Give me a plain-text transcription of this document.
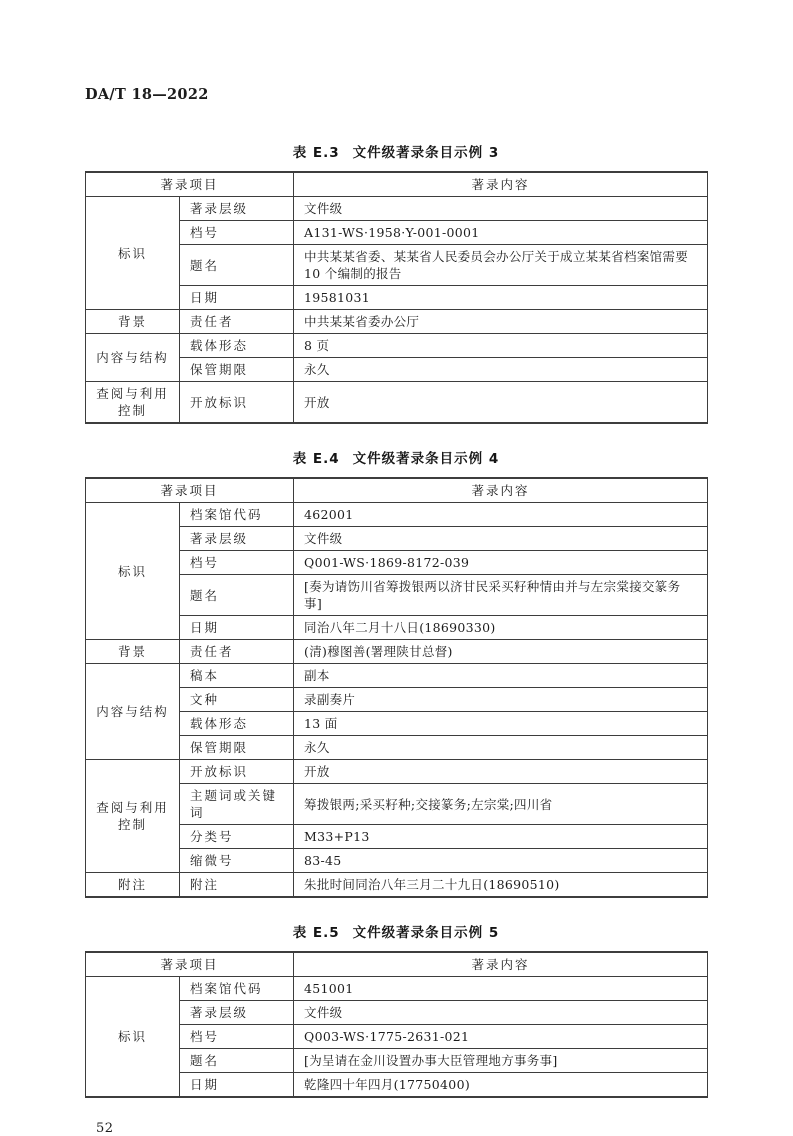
DA/T 18—2022

表 E.3 文件级著录条目示例 3

著录项目		著录内容
标识	著录层级	文件级
	档号	A131-WS·1958·Y-001-0001
	题名	中共某某省委、某某省人民委员会办公厅关于成立某某省档案馆需要 10 个编制的报告
	日期	19581031
背景	责任者	中共某某省委办公厅
内容与结构	载体形态	8 页
	保管期限	永久
查阅与利用控制	开放标识	开放

表 E.4 文件级著录条目示例 4

著录项目		著录内容
标识	档案馆代码	462001
	著录层级	文件级
	档号	Q001-WS·1869-8172-039
	题名	[奏为请饬川省筹拨银两以济甘民采买籽种情由并与左宗棠接交篆务事]
	日期	同治八年二月十八日(18690330)
背景	责任者	(清)穆图善(署理陕甘总督)
内容与结构	稿本	副本
	文种	录副奏片
	载体形态	13 面
	保管期限	永久
查阅与利用控制	开放标识	开放
	主题词或关键词	筹拨银两;采买籽种;交接篆务;左宗棠;四川省
	分类号	M33+P13
	缩微号	83-45
附注	附注	朱批时间同治八年三月二十九日(18690510)

表 E.5 文件级著录条目示例 5

著录项目		著录内容
标识	档案馆代码	451001
	著录层级	文件级
	档号	Q003-WS·1775-2631-021
	题名	[为呈请在金川设置办事大臣管理地方事务事]
	日期	乾隆四十年四月(17750400)
52
